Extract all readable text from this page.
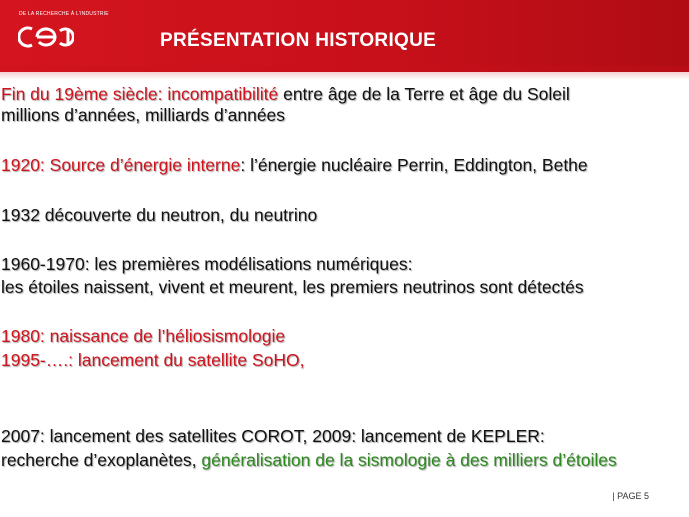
DE LA RECHERCHE À L'INDUSTRIE
PRÉSENTATION HISTORIQUE
Fin du 19ème siècle: incompatibilité entre âge de la Terre et âge du Soleil
millions d’années, milliards d’années
1920: Source d’énergie interne: l’énergie nucléaire Perrin, Eddington, Bethe
1932 découverte du neutron, du neutrino
1960-1970: les premières modélisations numériques:
les étoiles naissent, vivent et meurent, les premiers neutrinos sont détectés
1980: naissance de l’héliosismologie
1995-….: lancement du satellite SoHO,
2007: lancement des satellites COROT, 2009: lancement de KEPLER:
recherche d’exoplanètes, généralisation de la sismologie à des milliers d’étoiles
| PAGE 5
